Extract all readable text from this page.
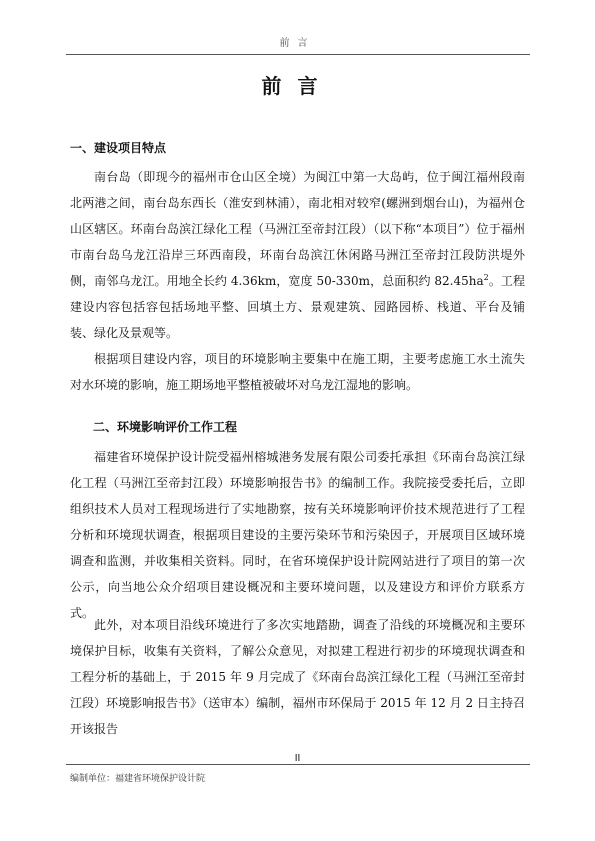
前言
前言
一、建设项目特点
南台岛（即现今的福州市仓山区全境）为闽江中第一大岛屿，位于闽江福州段南北两港之间，南台岛东西长（淮安到林浦），南北相对较窄(螺洲到烟台山)，为福州仓山区辖区。环南台岛滨江绿化工程（马洲江至帝封江段）（以下称“本项目”）位于福州市南台岛乌龙江沿岸三环西南段，环南台岛滨江休闲路马洲江至帝封江段防洪堤外侧，南邻乌龙江。用地全长约 4.36km，宽度 50-330m，总面积约 $82.45ha^2$。工程建设内容包括容包括场地平整、回填土方、景观建筑、园路园桥、栈道、平台及铺装、绿化及景观等。
根据项目建设内容，项目的环境影响主要集中在施工期，主要考虑施工水土流失对水环境的影响，施工期场地平整植被破坏对乌龙江湿地的影响。
二、环境影响评价工作工程
福建省环境保护设计院受福州榕城港务发展有限公司委托承担《环南台岛滨江绿化工程（马洲江至帝封江段）环境影响报告书》的编制工作。我院接受委托后，立即组织技术人员对工程现场进行了实地勘察，按有关环境影响评价技术规范进行了工程分析和环境现状调查，根据项目建设的主要污染环节和污染因子，开展项目区域环境调查和监测，并收集相关资料。同时，在省环境保护设计院网站进行了项目的第一次公示，向当地公众介绍项目建设概况和主要环境问题，以及建设方和评价方联系方式。
此外，对本项目沿线环境进行了多次实地踏勘，调查了沿线的环境概况和主要环境保护目标，收集有关资料，了解公众意见，对拟建工程进行初步的环境现状调查和工程分析的基础上，于 2015 年 9 月完成了《环南台岛滨江绿化工程（马洲江至帝封江段）环境影响报告书》（送审本）编制，福州市环保局于 2015 年 12 月 2 日主持召开该报告
II
编制单位：福建省环境保护设计院
